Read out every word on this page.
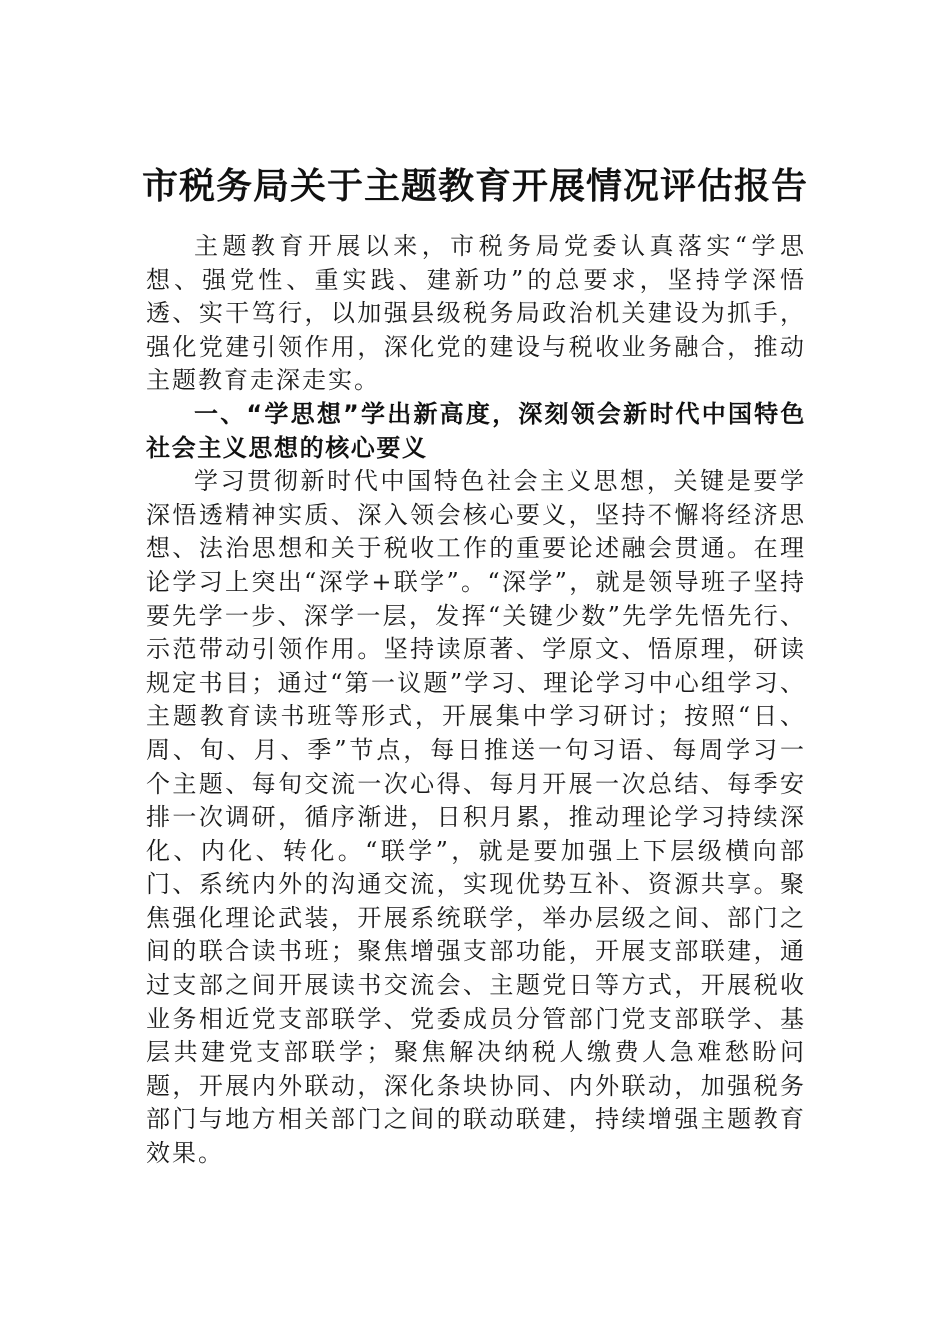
市税务局关于主题教育开展情况评估报告

主题教育开展以来，市税务局党委认真落实“学思想、强党性、重实践、建新功”的总要求，坚持学深悟透、实干笃行，以加强县级税务局政治机关建设为抓手，强化党建引领作用，深化党的建设与税收业务融合，推动主题教育走深走实。

一、“学思想”学出新高度，深刻领会新时代中国特色社会主义思想的核心要义

学习贯彻新时代中国特色社会主义思想，关键是要学深悟透精神实质、深入领会核心要义，坚持不懈将经济思想、法治思想和关于税收工作的重要论述融会贯通。在理论学习上突出“深学+联学”。“深学”，就是领导班子坚持要先学一步、深学一层，发挥“关键少数”先学先悟先行、示范带动引领作用。坚持读原著、学原文、悟原理，研读规定书目；通过“第一议题”学习、理论学习中心组学习、主题教育读书班等形式，开展集中学习研讨；按照“日、周、旬、月、季”节点，每日推送一句习语、每周学习一个主题、每旬交流一次心得、每月开展一次总结、每季安排一次调研，循序渐进，日积月累，推动理论学习持续深化、内化、转化。“联学”，就是要加强上下层级横向部门、系统内外的沟通交流，实现优势互补、资源共享。聚焦强化理论武装，开展系统联学，举办层级之间、部门之间的联合读书班；聚焦增强支部功能，开展支部联建，通过支部之间开展读书交流会、主题党日等方式，开展税收业务相近党支部联学、党委成员分管部门党支部联学、基层共建党支部联学；聚焦解决纳税人缴费人急难愁盼问题，开展内外联动，深化条块协同、内外联动，加强税务部门与地方相关部门之间的联动联建，持续增强主题教育效果。
